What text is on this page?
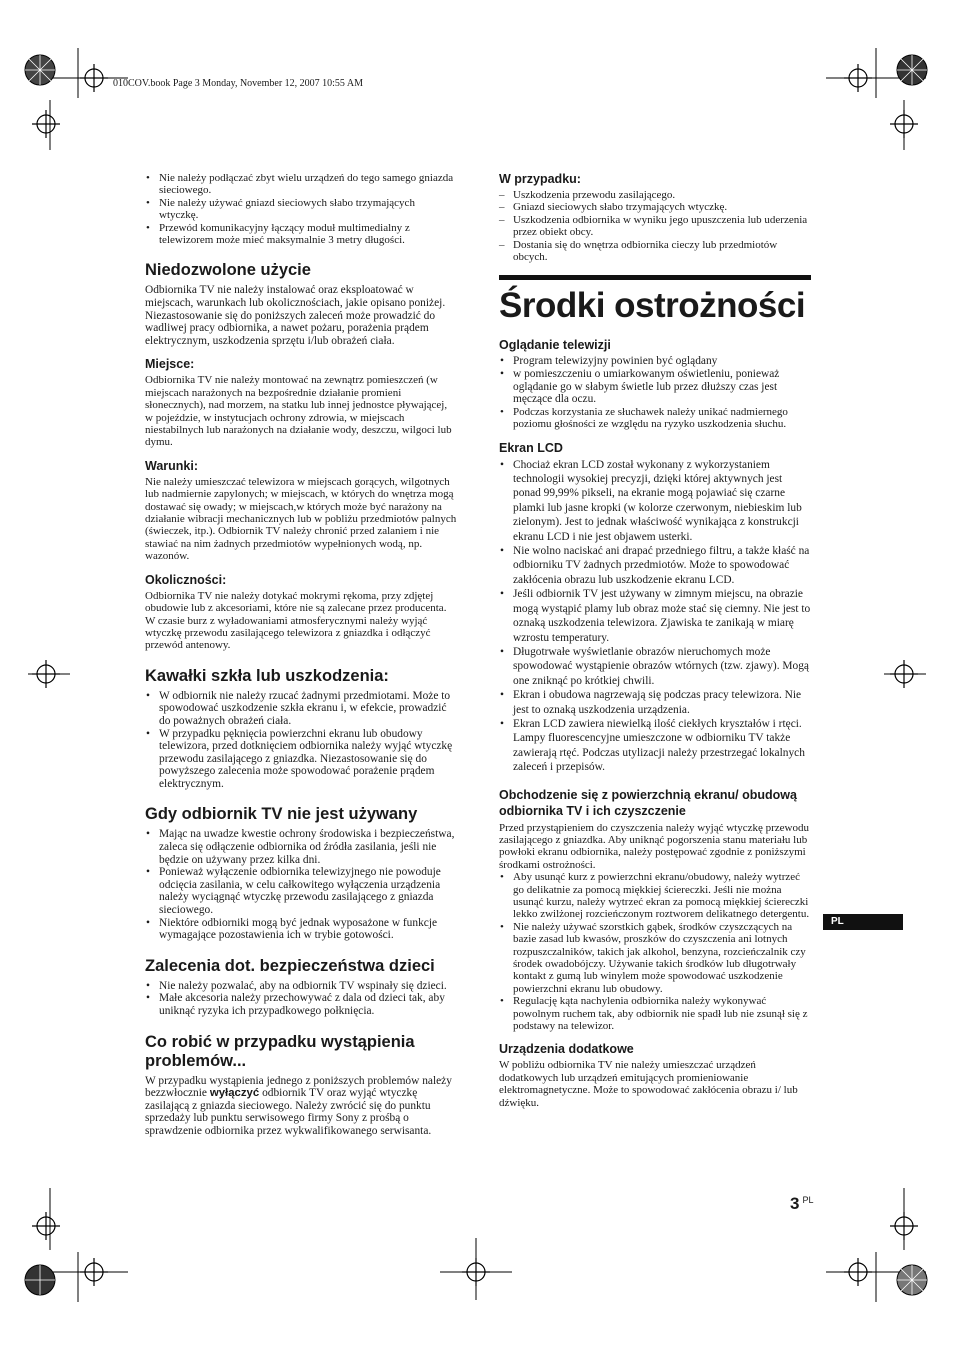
010COV.book Page 3 Monday, November 12, 2007 10:55 AM
• Nie należy podłączać zbyt wielu urządzeń do tego samego gniazda sieciowego.
• Nie należy używać gniazd sieciowych słabo trzymających wtyczkę.
• Przewód komunikacyjny łączący moduł multimedialny z telewizorem może mieć maksymalnie 3 metry długości.
Niedozwolone użycie

Odbiornika TV nie należy instalować oraz eksploatować w miejscach, warunkach lub okolicznościach, jakie opisano poniżej. Niezastosowanie się do poniższych zaleceń może prowadzić do wadliwej pracy odbiornika, a nawet pożaru, porażenia prądem elektrycznym, uszkodzenia sprzętu i/lub obrażeń ciała.

Miejsce:

Odbiornika TV nie należy montować na zewnątrz pomieszczeń (w miejscach narażonych na bezpośrednie działanie promieni słonecznych), nad morzem, na statku lub innej jednostce pływającej, w pojeździe, w instytucjach ochrony zdrowia, w miejscach niestabilnych lub narażonych na działanie wody, deszczu, wilgoci lub dymu.

Warunki:

Nie należy umieszczać telewizora w miejscach gorących, wilgotnych lub nadmiernie zapylonych; w miejscach, w których do wnętrza mogą dostawać się owady; w miejscach,w których może być narażony na działanie wibracji mechanicznych lub w pobliżu przedmiotów palnych (świeczek, itp.). Odbiornik TV należy chronić przed zalaniem i nie stawiać na nim żadnych przedmiotów wypełnionych wodą, np. wazonów.

Okoliczności:

Odbiornika TV nie należy dotykać mokrymi rękoma, przy zdjętej obudowie lub z akcesoriami, które nie są zalecane przez producenta. W czasie burz z wyładowaniami atmosferycznymi należy wyjąć wtyczkę przewodu zasilającego telewizora z gniazdka i odłączyć przewód antenowy.

Kawałki szkła lub uszkodzenia:
• W odbiornik nie należy rzucać żadnymi przedmiotami. Może to spowodować uszkodzenie szkła ekranu i, w efekcie, prowadzić do poważnych obrażeń ciała.
• W przypadku pęknięcia powierzchni ekranu lub obudowy telewizora, przed dotknięciem odbiornika należy wyjąć wtyczkę przewodu zasilającego z gniazdka. Niezastosowanie się do powyższego zalecenia może spowodować porażenie prądem elektrycznym.
Gdy odbiornik TV nie jest używany
• Mając na uwadze kwestie ochrony środowiska i bezpieczeństwa, zaleca się odłączenie odbiornika od źródła zasilania, jeśli nie będzie on używany przez kilka dni.
• Ponieważ wyłączenie odbiornika telewizyjnego nie powoduje odcięcia zasilania, w celu całkowitego wyłączenia urządzenia należy wyciągnąć wtyczkę przewodu zasilającego z gniazda sieciowego.
• Niektóre odbiorniki mogą być jednak wyposażone w funkcje wymagające pozostawienia ich w trybie gotowości.
Zalecenia dot. bezpieczeństwa dzieci
• Nie należy pozwalać, aby na odbiornik TV wspinały się dzieci.
• Małe akcesoria należy przechowywać z dala od dzieci tak, aby uniknąć ryzyka ich przypadkowego połknięcia.
Co robić w przypadku wystąpienia problemów...

W przypadku wystąpienia jednego z poniższych problemów należy bezzwłocznie wyłączyć odbiornik TV oraz wyjąć wtyczkę zasilającą z gniazda sieciowego. Należy zwrócić się do punktu sprzedaży lub punktu serwisowego firmy Sony z prośbą o sprawdzenie odbiornika przez wykwalifikowanego serwisanta.

W przypadku:
– Uszkodzenia przewodu zasilającego.
– Gniazd sieciowych słabo trzymających wtyczkę.
– Uszkodzenia odbiornika w wyniku jego upuszczenia lub uderzenia przez obiekt obcy.
– Dostania się do wnętrza odbiornika cieczy lub przedmiotów obcych.
Środki ostrożności
Oglądanie telewizji
• Program telewizyjny powinien być oglądany
• w pomieszczeniu o umiarkowanym oświetleniu, ponieważ oglądanie go w słabym świetle lub przez dłuższy czas jest męczące dla oczu.
• Podczas korzystania ze słuchawek należy unikać nadmiernego poziomu głośności ze względu na ryzyko uszkodzenia słuchu.
Ekran LCD
• Chociaż ekran LCD został wykonany z wykorzystaniem technologii wysokiej precyzji, dzięki której aktywnych jest ponad 99,99% pikseli, na ekranie mogą pojawiać się czarne plamki lub jasne kropki (w kolorze czerwonym, niebieskim lub zielonym). Jest to jednak właściwość wynikająca z konstrukcji ekranu LCD i nie jest objawem usterki.
• Nie wolno naciskać ani drapać przedniego filtru, a także kłaść na odbiorniku TV żadnych przedmiotów. Może to spowodować zakłócenia obrazu lub uszkodzenie ekranu LCD.
• Jeśli odbiornik TV jest używany w zimnym miejscu, na obrazie mogą wystąpić plamy lub obraz może stać się ciemny. Nie jest to oznaką uszkodzenia telewizora. Zjawiska te zanikają w miarę wzrostu temperatury.
• Długotrwałe wyświetlanie obrazów nieruchomych może spowodować wystąpienie obrazów wtórnych (tzw. zjawy). Mogą one zniknąć po krótkiej chwili.
• Ekran i obudowa nagrzewają się podczas pracy telewizora. Nie jest to oznaką uszkodzenia urządzenia.
• Ekran LCD zawiera niewielką ilość ciekłych kryształów i rtęci. Lampy fluorescencyjne umieszczone w odbiorniku TV także zawierają rtęć. Podczas utylizacji należy przestrzegać lokalnych zaleceń i przepisów.
Obchodzenie się z powierzchnią ekranu/ obudową odbiornika TV i ich czyszczenie

Przed przystąpieniem do czyszczenia należy wyjąć wtyczkę przewodu zasilającego z gniazdka. Aby uniknąć pogorszenia stanu materiału lub powłoki ekranu odbiornika, należy postępować zgodnie z poniższymi środkami ostrożności.

• Aby usunąć kurz z powierzchni ekranu/obudowy, należy wytrzeć go delikatnie za pomocą miękkiej ściereczki. Jeśli nie można usunąć kurzu, należy wytrzeć ekran za pomocą miękkiej ściereczki lekko zwilżonej rozcieńczonym roztworem delikatnego detergentu.
• Nie należy używać szorstkich gąbek, środków czyszczących na bazie zasad lub kwasów, proszków do czyszczenia ani lotnych rozpuszczalników, takich jak alkohol, benzyna, rozcieńczalnik czy środek owadobójczy. Używanie takich środków lub długotrwały kontakt z gumą lub winylem może spowodować uszkodzenie powierzchni ekranu lub obudowy.
• Regulację kąta nachylenia odbiornika należy wykonywać powolnym ruchem tak, aby odbiornik nie spadł lub nie zsunął się z podstawy na telewizor.
Urządzenia dodatkowe

W pobliżu odbiornika TV nie należy umieszczać urządzeń dodatkowych lub urządzeń emitujących promieniowanie elektromagnetyczne. Może to spowodować zakłócenia obrazu i/ lub dźwięku.

PL
3 $^{PL}$
